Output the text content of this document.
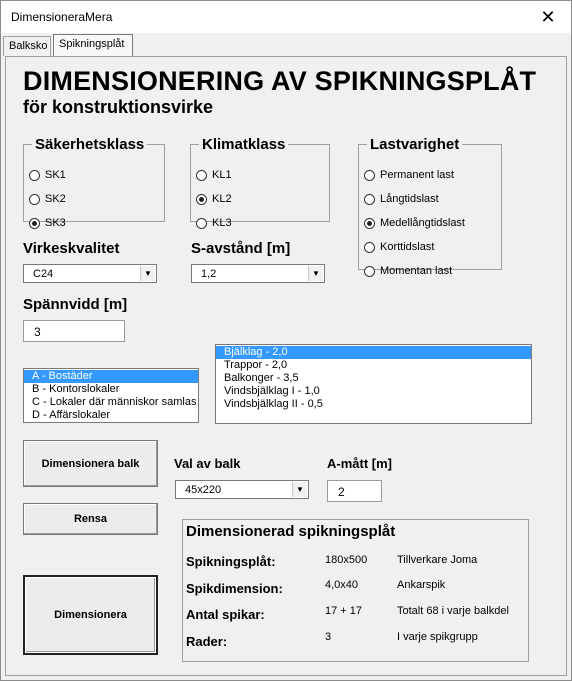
DimensioneraMera	✕
Balksko	Spikningsplåt
DIMENSIONERING AV SPIKNINGSPLÅT
för konstruktionsvirke
Säkerhetsklass
SK1
SK2
SK3
Klimatklass
KL1
KL2
KL3
Lastvarighet
Permanent last
Långtidslast
Medellångtidslast
Korttidslast
Momentan last
Virkeskvalitet
C24	▼
S-avstånd [m]
1,2	▼
Spännvidd [m]
3
A - Bostäder
B - Kontorslokaler
C - Lokaler där människor samlas
D - Affärslokaler
Bjälklag - 2,0
Trappor - 2,0
Balkonger - 3,5
Vindsbjälklag I - 1,0
Vindsbjälklag II - 0,5
Dimensionera balk
Rensa
Dimensionera
Val av balk
45x220	▼
A-mått [m]
2
Dimensionerad spikningsplåt
Spikningsplåt:	180x500	Tillverkare Joma
Spikdimension:	4,0x40	Ankarspik
Antal spikar:	17 + 17	Totalt 68 i varje balkdel
Rader:	3	I varje spikgrupp
